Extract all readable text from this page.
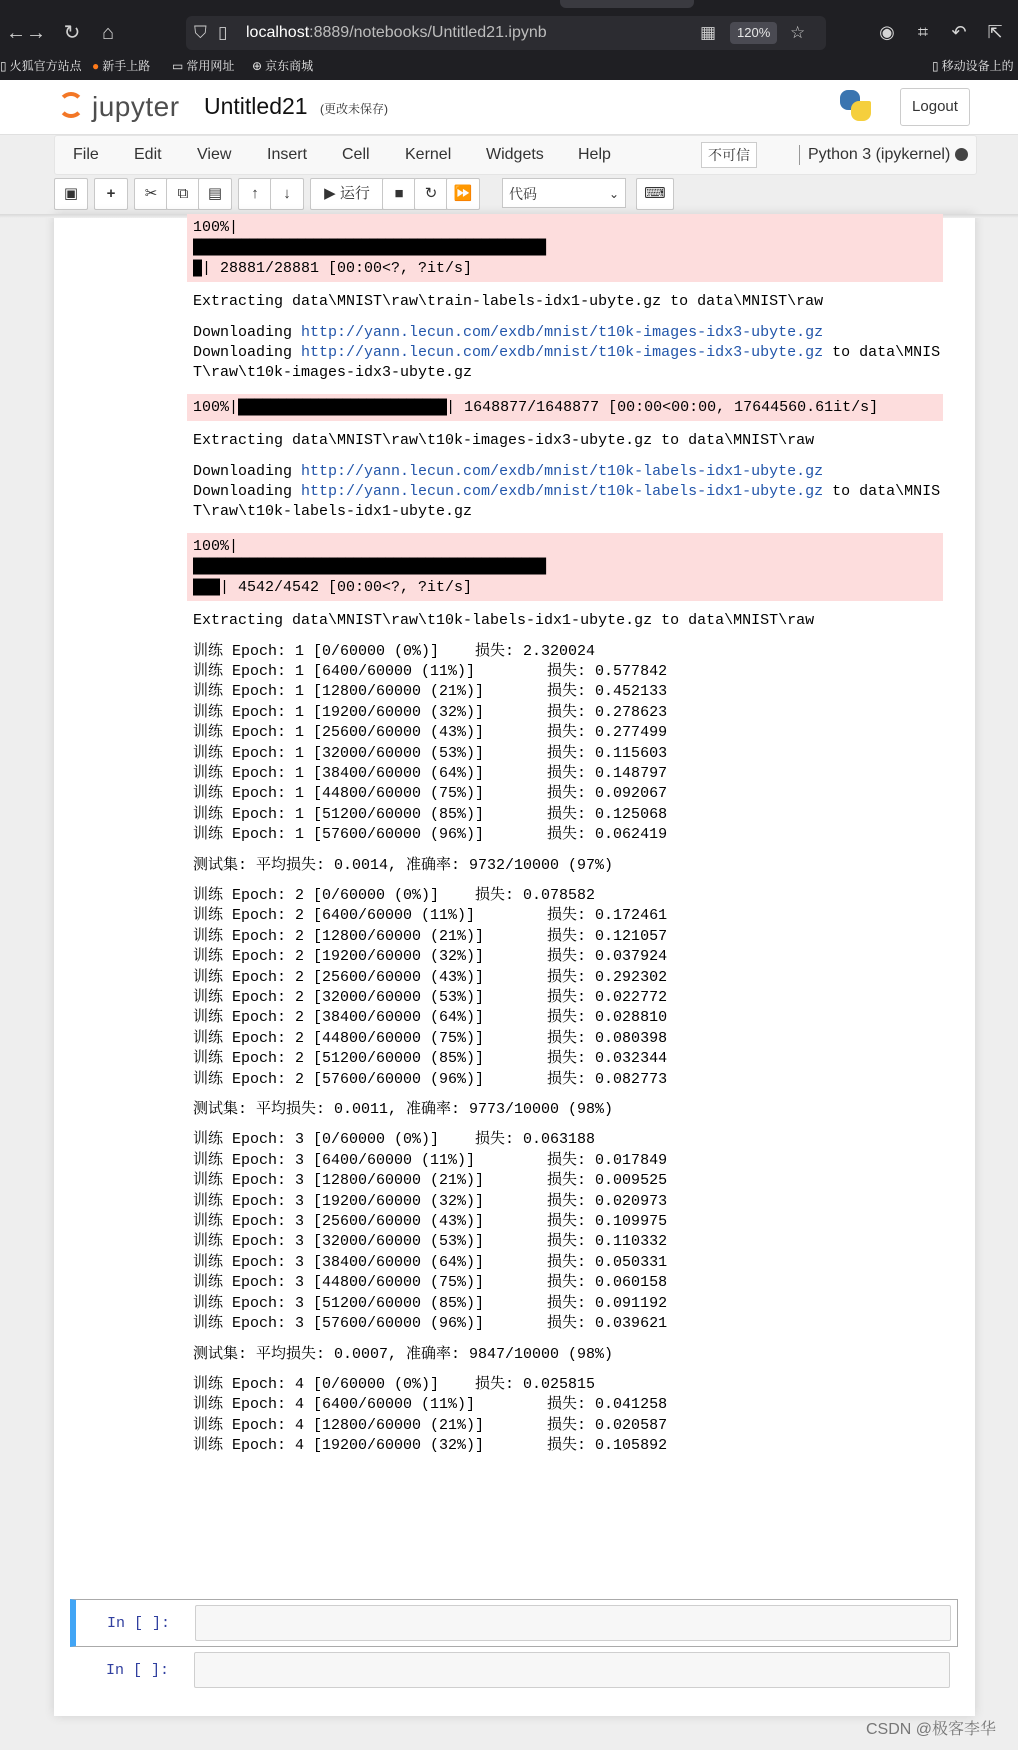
← → ↻	⌂	⛉ ▯ localhost:8889/notebooks/Untitled21.ipynb	▦	120%	☆	◉	⌗	↶ ⇱
▯ 火狐官方站点 ● 新手上路 ▭ 常用网址 ⊕ 京东商城	▯ 移动设备上的
jupyter Untitled21 (更改未保存)	Logout
File Edit View Insert Cell Kernel Widgets Help	不可信	Python 3 (ipykernel)
▣	+	✂	⧉	▤	↑	↓	▶ 运行	■	↻	⏩	代码	⌄	⌨
100%|
████████████████████████████████████████████
█| 28881/28881 [00:00<?, ?it/s]
Extracting data\MNIST\raw\train-labels-idx1-ubyte.gz to data\MNIST\raw
Downloading http://yann.lecun.com/exdb/mnist/t10k-images-idx3-ubyte.gz
Downloading http://yann.lecun.com/exdb/mnist/t10k-images-idx3-ubyte.gz to data\MNIST\raw\t10k-images-idx3-ubyte.gz
100%|██████████████████████████| 1648877/1648877 [00:00<00:00, 17644560.61it/s]
Extracting data\MNIST\raw\t10k-images-idx3-ubyte.gz to data\MNIST\raw
Downloading http://yann.lecun.com/exdb/mnist/t10k-labels-idx1-ubyte.gz
Downloading http://yann.lecun.com/exdb/mnist/t10k-labels-idx1-ubyte.gz to data\MNIST\raw\t10k-labels-idx1-ubyte.gz
100%|
████████████████████████████████████████████
███| 4542/4542 [00:00<?, ?it/s]
Extracting data\MNIST\raw\t10k-labels-idx1-ubyte.gz to data\MNIST\raw
训练 Epoch: 1 [0/60000 (0%)]    损失: 2.320024
训练 Epoch: 1 [6400/60000 (11%)]        损失: 0.577842
训练 Epoch: 1 [12800/60000 (21%)]       损失: 0.452133
训练 Epoch: 1 [19200/60000 (32%)]       损失: 0.278623
训练 Epoch: 1 [25600/60000 (43%)]       损失: 0.277499
训练 Epoch: 1 [32000/60000 (53%)]       损失: 0.115603
训练 Epoch: 1 [38400/60000 (64%)]       损失: 0.148797
训练 Epoch: 1 [44800/60000 (75%)]       损失: 0.092067
训练 Epoch: 1 [51200/60000 (85%)]       损失: 0.125068
训练 Epoch: 1 [57600/60000 (96%)]       损失: 0.062419
测试集: 平均损失: 0.0014, 准确率: 9732/10000 (97%)
训练 Epoch: 2 [0/60000 (0%)]    损失: 0.078582
训练 Epoch: 2 [6400/60000 (11%)]        损失: 0.172461
训练 Epoch: 2 [12800/60000 (21%)]       损失: 0.121057
训练 Epoch: 2 [19200/60000 (32%)]       损失: 0.037924
训练 Epoch: 2 [25600/60000 (43%)]       损失: 0.292302
训练 Epoch: 2 [32000/60000 (53%)]       损失: 0.022772
训练 Epoch: 2 [38400/60000 (64%)]       损失: 0.028810
训练 Epoch: 2 [44800/60000 (75%)]       损失: 0.080398
训练 Epoch: 2 [51200/60000 (85%)]       损失: 0.032344
训练 Epoch: 2 [57600/60000 (96%)]       损失: 0.082773
测试集: 平均损失: 0.0011, 准确率: 9773/10000 (98%)
训练 Epoch: 3 [0/60000 (0%)]    损失: 0.063188
训练 Epoch: 3 [6400/60000 (11%)]        损失: 0.017849
训练 Epoch: 3 [12800/60000 (21%)]       损失: 0.009525
训练 Epoch: 3 [19200/60000 (32%)]       损失: 0.020973
训练 Epoch: 3 [25600/60000 (43%)]       损失: 0.109975
训练 Epoch: 3 [32000/60000 (53%)]       损失: 0.110332
训练 Epoch: 3 [38400/60000 (64%)]       损失: 0.050331
训练 Epoch: 3 [44800/60000 (75%)]       损失: 0.060158
训练 Epoch: 3 [51200/60000 (85%)]       损失: 0.091192
训练 Epoch: 3 [57600/60000 (96%)]       损失: 0.039621
测试集: 平均损失: 0.0007, 准确率: 9847/10000 (98%)
训练 Epoch: 4 [0/60000 (0%)]    损失: 0.025815
训练 Epoch: 4 [6400/60000 (11%)]        损失: 0.041258
训练 Epoch: 4 [12800/60000 (21%)]       损失: 0.020587
训练 Epoch: 4 [19200/60000 (32%)]       损失: 0.105892
In [ ]:
In [ ]:
CSDN @极客李华
